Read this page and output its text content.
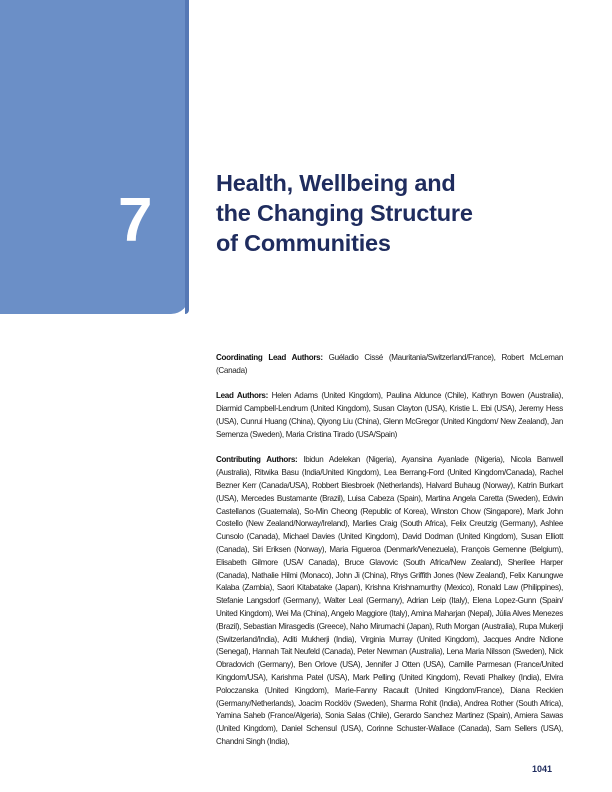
7
Health, Wellbeing and
the Changing Structure
of Communities

Coordinating Lead Authors: Guéladio Cissé (Mauritania/Switzerland/France), Robert McLeman (Canada)

Lead Authors: Helen Adams (United Kingdom), Paulina Aldunce (Chile), Kathryn Bowen (Australia), Diarmid Campbell-Lendrum (United Kingdom), Susan Clayton (USA), Kristie L. Ebi (USA), Jeremy Hess (USA), Cunrui Huang (China), Qiyong Liu (China), Glenn McGregor (United Kingdom/ New Zealand), Jan Semenza (Sweden), Maria Cristina Tirado (USA/Spain)

Contributing Authors: Ibidun Adelekan (Nigeria), Ayansina Ayanlade (Nigeria), Nicola Banwell (Australia), Ritwika Basu (India/United Kingdom), Lea Berrang-Ford (United Kingdom/Canada), Rachel Bezner Kerr (Canada/USA), Robbert Biesbroek (Netherlands), Halvard Buhaug (Norway), Katrin Burkart (USA), Mercedes Bustamante (Brazil), Luisa Cabeza (Spain), Martina Angela Caretta (Sweden), Edwin Castellanos (Guatemala), So-Min Cheong (Republic of Korea), Winston Chow (Singapore), Mark John Costello (New Zealand/Norway/Ireland), Marlies Craig (South Africa), Felix Creutzig (Germany), Ashlee Cunsolo (Canada), Michael Davies (United Kingdom), David Dodman (United Kingdom), Susan Elliott (Canada), Siri Eriksen (Norway), Maria Figueroa (Denmark/Venezuela), François Gemenne (Belgium), Elisabeth Gilmore (USA/ Canada), Bruce Glavovic (South Africa/New Zealand), Sherilee Harper (Canada), Nathalie Hilmi (Monaco), John Ji (China), Rhys Griffith Jones (New Zealand), Felix Kanungwe Kalaba (Zambia), Saori Kitabatake (Japan), Krishna Krishnamurthy (Mexico), Ronald Law (Philippines), Stefanie Langsdorf (Germany), Walter Leal (Germany), Adrian Leip (Italy), Elena Lopez-Gunn (Spain/ United Kingdom), Wei Ma (China), Angelo Maggiore (Italy), Amina Maharjan (Nepal), Júlia Alves Menezes (Brazil), Sebastian Mirasgedis (Greece), Naho Mirumachi (Japan), Ruth Morgan (Australia), Rupa Mukerji (Switzerland/India), Aditi Mukherji (India), Virginia Murray (United Kingdom), Jacques Andre Ndione (Senegal), Hannah Tait Neufeld (Canada), Peter Newman (Australia), Lena Maria Nilsson (Sweden), Nick Obradovich (Germany), Ben Orlove (USA), Jennifer J Otten (USA), Camille Parmesan (France/United Kingdom/USA), Karishma Patel (USA), Mark Pelling (United Kingdom), Revati Phalkey (India), Elvira Poloczanska (United Kingdom), Marie-Fanny Racault (United Kingdom/France), Diana Reckien (Germany/Netherlands), Joacim Rocklöv (Sweden), Sharma Rohit (India), Andrea Rother (South Africa), Yamina Saheb (France/Algeria), Sonia Salas (Chile), Gerardo Sanchez Martinez (Spain), Amiera Sawas (United Kingdom), Daniel Schensul (USA), Corinne Schuster-Wallace (Canada), Sam Sellers (USA), Chandni Singh (India),

1041
